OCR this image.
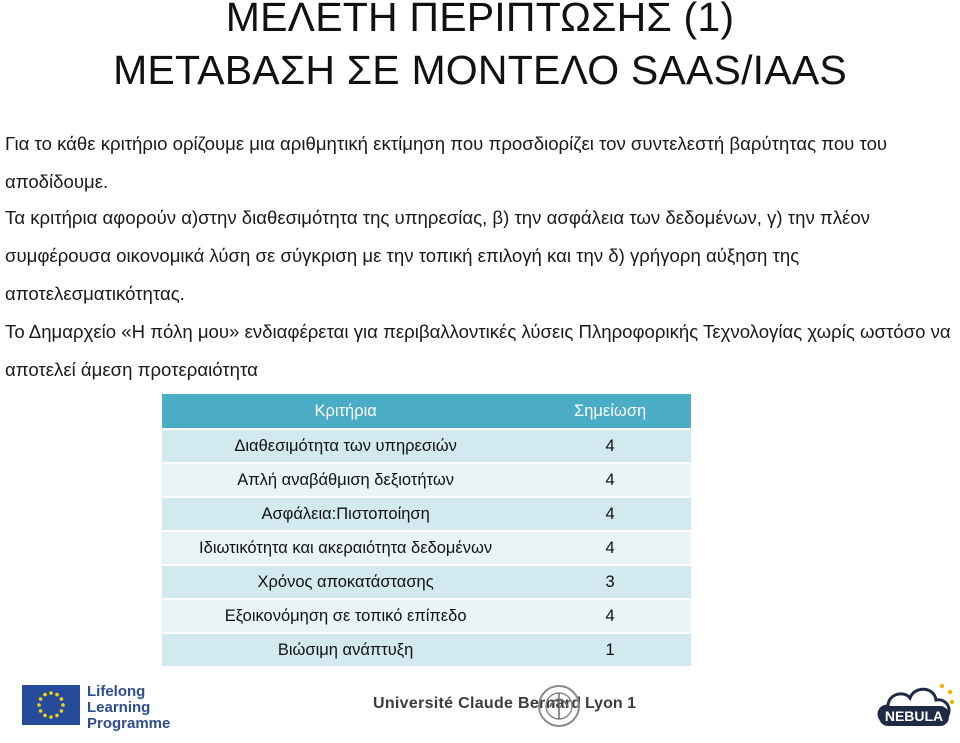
ΜΕΛΕΤΗ ΠΕΡΙΠΤΩΣΗΣ (1)
ΜΕΤΑΒΑΣΗ ΣΕ ΜΟΝΤΕΛΟ SAAS/IAAS
Για το κάθε κριτήριο ορίζουμε μια αριθμητική εκτίμηση που προσδιορίζει τον συντελεστή βαρύτητας που του αποδίδουμε.
Τα κριτήρια αφορούν α)στην διαθεσιμότητα της υπηρεσίας, β) την ασφάλεια των δεδομένων, γ) την πλέον συμφέρουσα οικονομικά λύση σε σύγκριση με την τοπική επιλογή και την δ) γρήγορη αύξηση της αποτελεσματικότητας.
Το Δημαρχείο «Η πόλη μου» ενδιαφέρεται για περιβαλλοντικές λύσεις Πληροφορικής Τεχνολογίας χωρίς ωστόσο να αποτελεί άμεση προτεραιότητα
Κριτήρια	Σημείωση
Διαθεσιμότητα των υπηρεσιών	4
Απλή αναβάθμιση δεξιοτήτων	4
Ασφάλεια:Πιστοποίηση	4
Ιδιωτικότητα και ακεραιότητα δεδομένων	4
Χρόνος αποκατάστασης	3
Εξοικονόμηση σε τοπικό επίπεδο	4
Βιώσιμη ανάπτυξη	1
Lifelong
Learning
Programme
Université Claude Bernard Lyon 1
NEBULA
